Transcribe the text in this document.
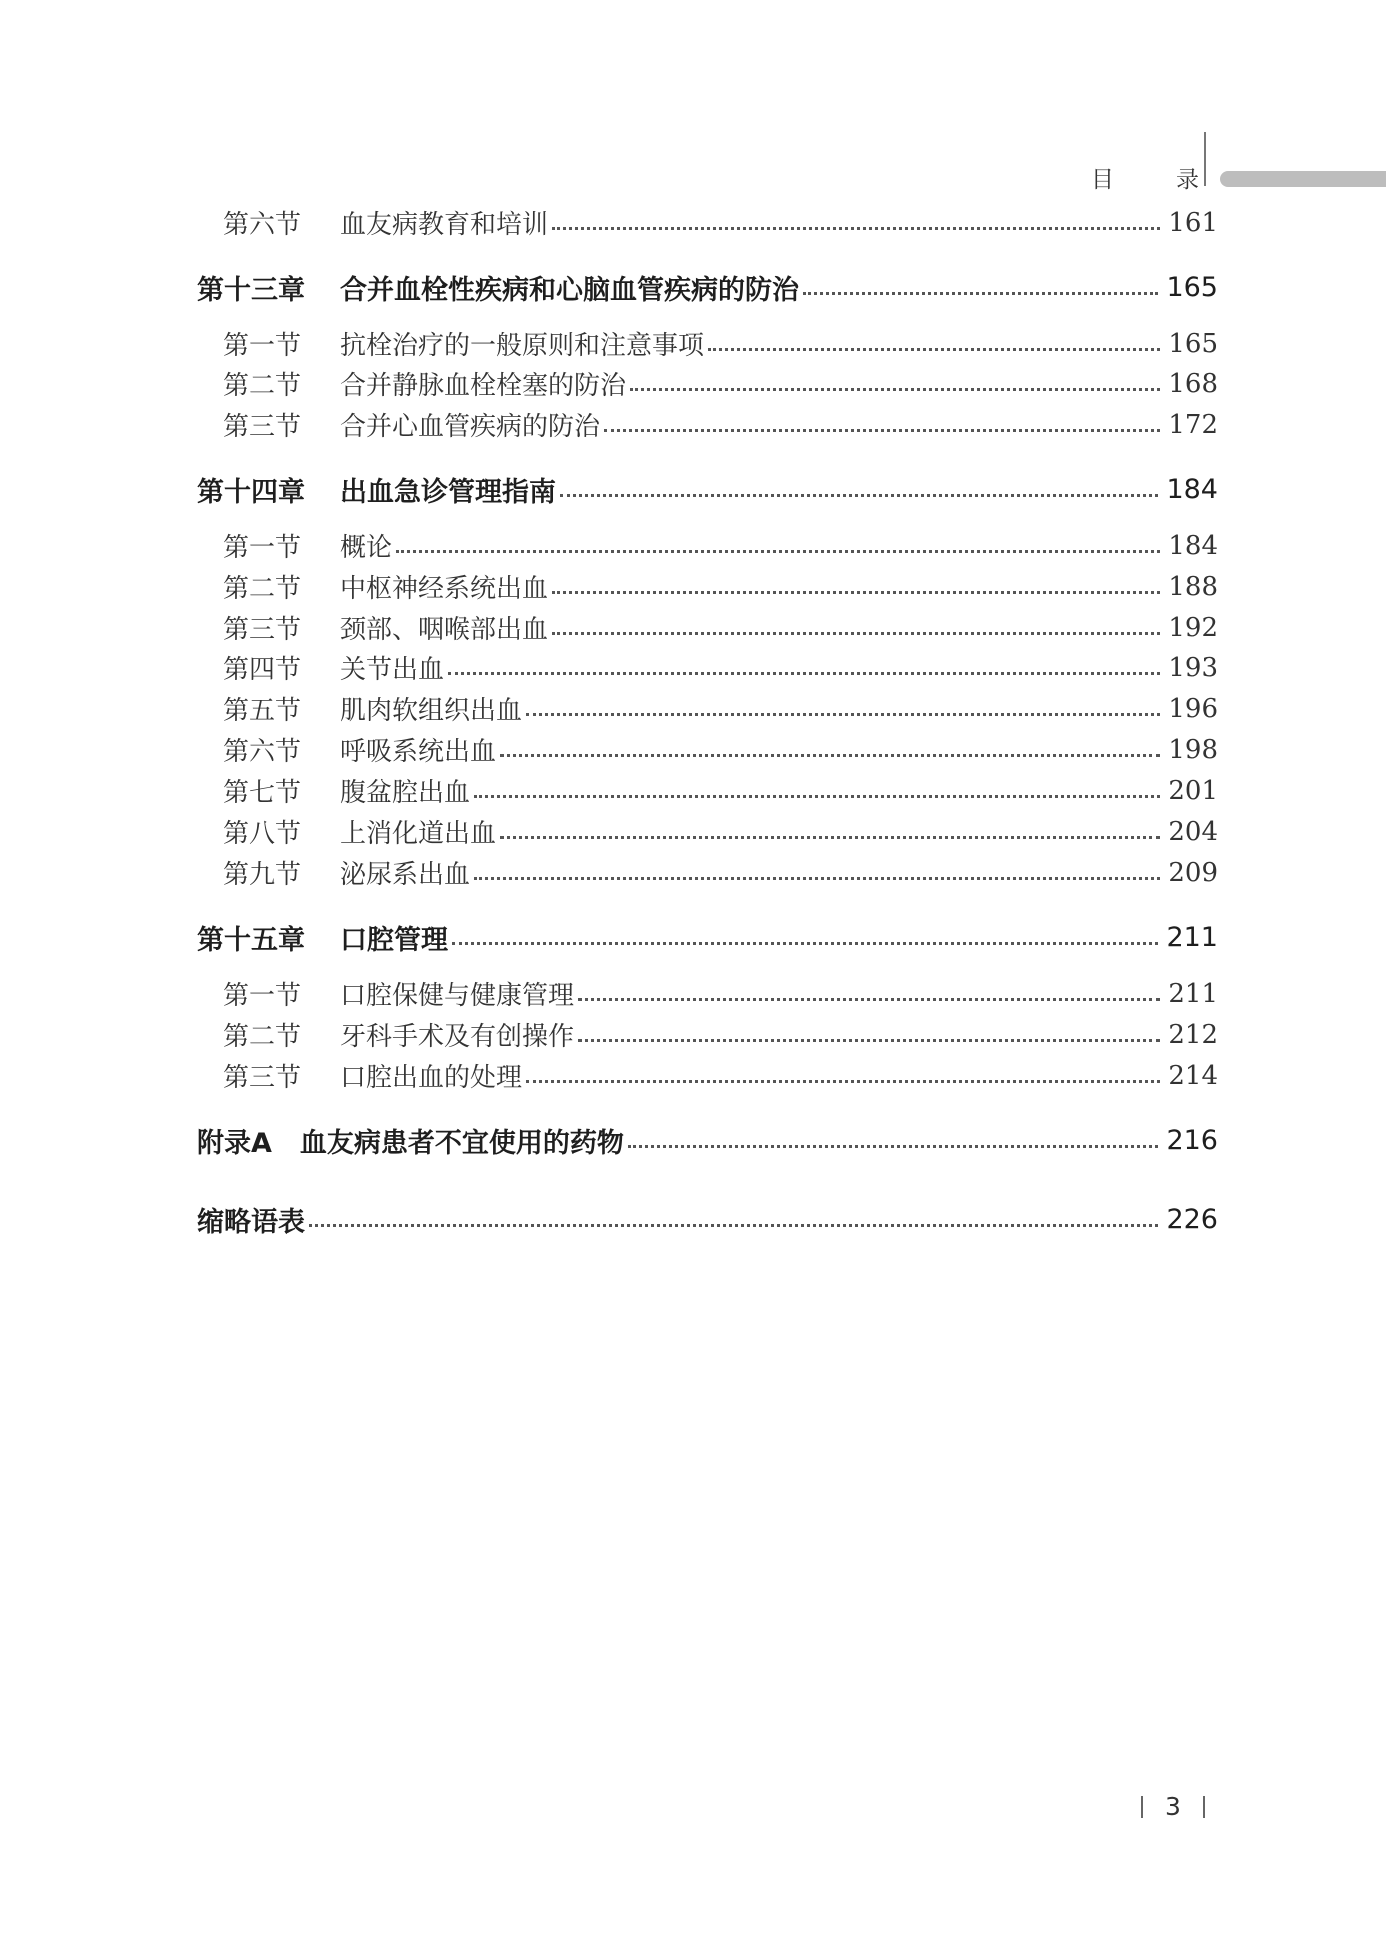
目	录
第六节	血友病教育和培训	161
第十三章	合并血栓性疾病和心脑血管疾病的防治	165
第一节	抗栓治疗的一般原则和注意事项	165
第二节	合并静脉血栓栓塞的防治	168
第三节	合并心血管疾病的防治	172
第十四章	出血急诊管理指南	184
第一节	概论	184
第二节	中枢神经系统出血	188
第三节	颈部、咽喉部出血	192
第四节	关节出血	193
第五节	肌肉软组织出血	196
第六节	呼吸系统出血	198
第七节	腹盆腔出血	201
第八节	上消化道出血	204
第九节	泌尿系出血	209
第十五章	口腔管理	211
第一节	口腔保健与健康管理	211
第二节	牙科手术及有创操作	212
第三节	口腔出血的处理	214
附录A 血友病患者不宜使用的药物	216
缩略语表	226
3
